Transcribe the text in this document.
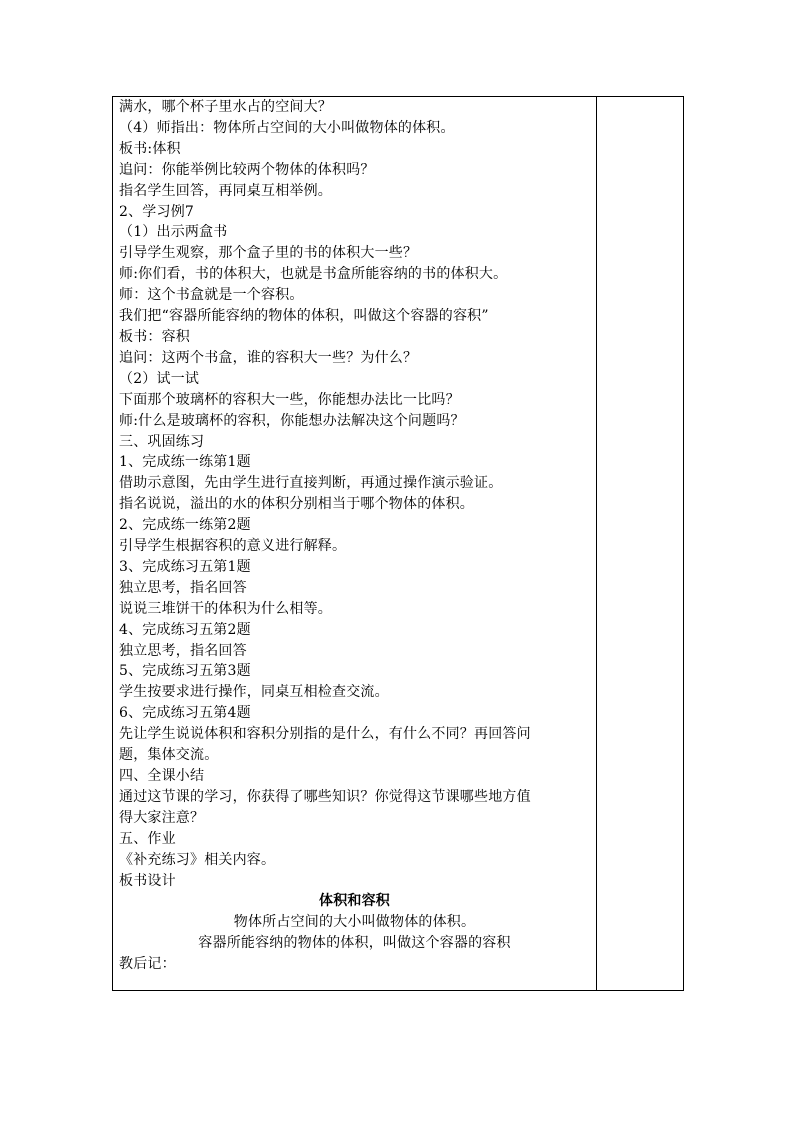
满水，哪个杯子里水占的空间大？
（4）师指出：物体所占空间的大小叫做物体的体积。
板书:体积
追问：你能举例比较两个物体的体积吗？
指名学生回答，再同桌互相举例。
2、学习例7
（1）出示两盒书
引导学生观察，那个盒子里的书的体积大一些？
师:你们看，书的体积大，也就是书盒所能容纳的书的体积大。
师：这个书盒就是一个容积。
我们把“容器所能容纳的物体的体积，叫做这个容器的容积”
板书：容积
追问：这两个书盒，谁的容积大一些？为什么？
（2）试一试
下面那个玻璃杯的容积大一些，你能想办法比一比吗？
师:什么是玻璃杯的容积，你能想办法解决这个问题吗？
三、巩固练习
1、完成练一练第1题
借助示意图，先由学生进行直接判断，再通过操作演示验证。
指名说说，溢出的水的体积分别相当于哪个物体的体积。
2、完成练一练第2题
引导学生根据容积的意义进行解释。
3、完成练习五第1题
独立思考，指名回答
说说三堆饼干的体积为什么相等。
4、完成练习五第2题
独立思考，指名回答
5、完成练习五第3题
学生按要求进行操作，同桌互相检查交流。
6、完成练习五第4题
先让学生说说体积和容积分别指的是什么，有什么不同？再回答问
题，集体交流。
四、全课小结
通过这节课的学习，你获得了哪些知识？你觉得这节课哪些地方值
得大家注意？
五、作业
《补充练习》相关内容。
板书设计
体积和容积
物体所占空间的大小叫做物体的体积。
容器所能容纳的物体的体积，叫做这个容器的容积
教后记：
